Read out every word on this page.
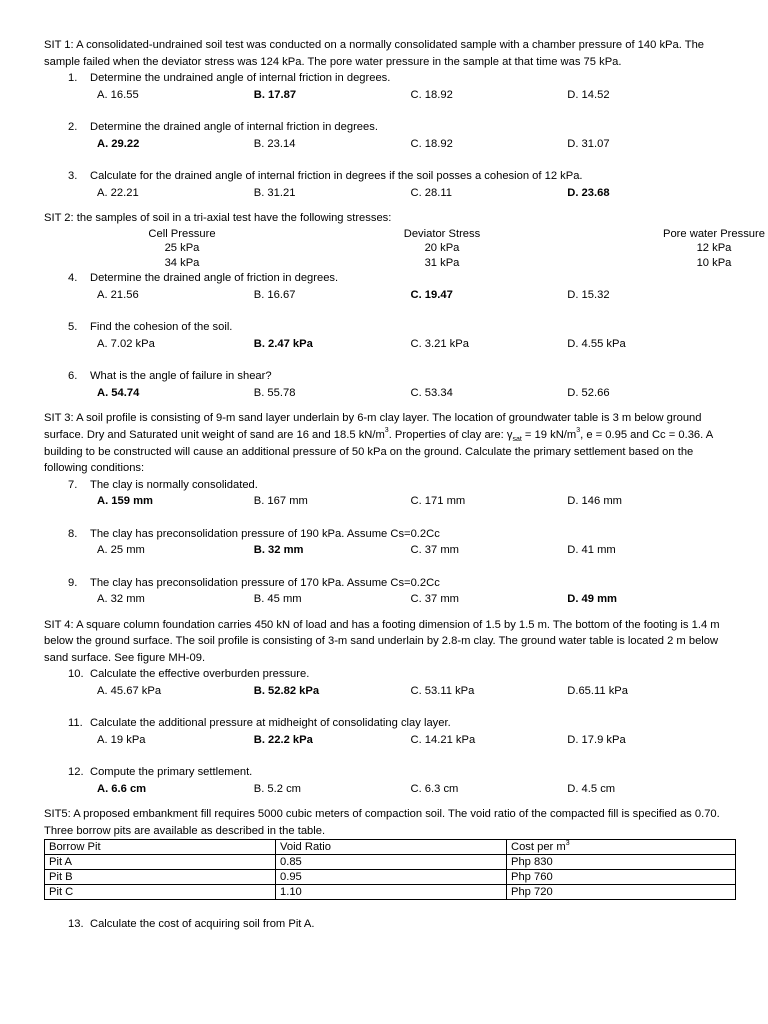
SIT 1: A consolidated-undrained soil test was conducted on a normally consolidated sample with a chamber pressure of 140 kPa. The sample failed when the deviator stress was 124 kPa. The pore water pressure in the sample at that time was 75 kPa.

1.	Determine the undrained angle of internal friction in degrees.
A. 16.55	B. 17.87	C. 18.92	D. 14.52
2.	Determine the drained angle of internal friction in degrees.
A. 29.22	B. 23.14	C. 18.92	D. 31.07
3.	Calculate for the drained angle of internal friction in degrees if the soil posses a cohesion of 12 kPa.
A. 22.21	B. 31.21	C. 28.11	D. 23.68

SIT 2: the samples of soil in a tri-axial test have the following stresses:

Cell Pressure	Deviator Stress	Pore water Pressure
25 kPa	20 kPa	12 kPa
34 kPa	31 kPa	10 kPa
4.	Determine the drained angle of friction in degrees.
A. 21.56	B. 16.67	C. 19.47	D. 15.32
5.	Find the cohesion of the soil.
A. 7.02 kPa	B. 2.47 kPa	C. 3.21 kPa	D. 4.55 kPa
6.	What is the angle of failure in shear?
A. 54.74	B. 55.78	C. 53.34	D. 52.66

SIT 3: A soil profile is consisting of 9-m sand layer underlain by 6-m clay layer. The location of groundwater table is 3 m below ground surface. Dry and Saturated unit weight of sand are 16 and 18.5 $kN/m^3$. Properties of clay are: $\gamma_{sat} = 19$ $kN/m^3$, e = 0.95 and Cc = 0.36. A building to be constructed will cause an additional pressure of 50 kPa on the ground. Calculate the primary settlement based on the following conditions:

7.	The clay is normally consolidated.
A. 159 mm	B. 167 mm	C. 171 mm	D. 146 mm
8.	The clay has preconsolidation pressure of 190 kPa. Assume Cs=0.2Cc
A. 25 mm	B. 32 mm	C. 37 mm	D. 41 mm
9.	The clay has preconsolidation pressure of 170 kPa. Assume Cs=0.2Cc
A. 32 mm	B. 45 mm	C. 37 mm	D. 49 mm

SIT 4: A square column foundation carries 450 kN of load and has a footing dimension of 1.5 by 1.5 m. The bottom of the footing is 1.4 m below the ground surface. The soil profile is consisting of 3-m sand underlain by 2.8-m clay. The ground water table is located 2 m below sand surface. See figure MH-09.

10. Calculate the effective overburden pressure.
A. 45.67 kPa	B. 52.82 kPa	C. 53.11 kPa	D.65.11 kPa
11. Calculate the additional pressure at midheight of consolidating clay layer.
A. 19 kPa	B. 22.2 kPa	C. 14.21 kPa	D. 17.9 kPa
12. Compute the primary settlement.
A. 6.6 cm	B. 5.2 cm	C. 6.3 cm	D. 4.5 cm

SIT5: A proposed embankment fill requires 5000 cubic meters of compaction soil. The void ratio of the compacted fill is specified as 0.70. Three borrow pits are available as described in the table.

Borrow Pit	Void Ratio	Cost per $m^3$
Pit A	0.85	Php 830
Pit B	0.95	Php 760
Pit C	1.10	Php 720
13. Calculate the cost of acquiring soil from Pit A.
